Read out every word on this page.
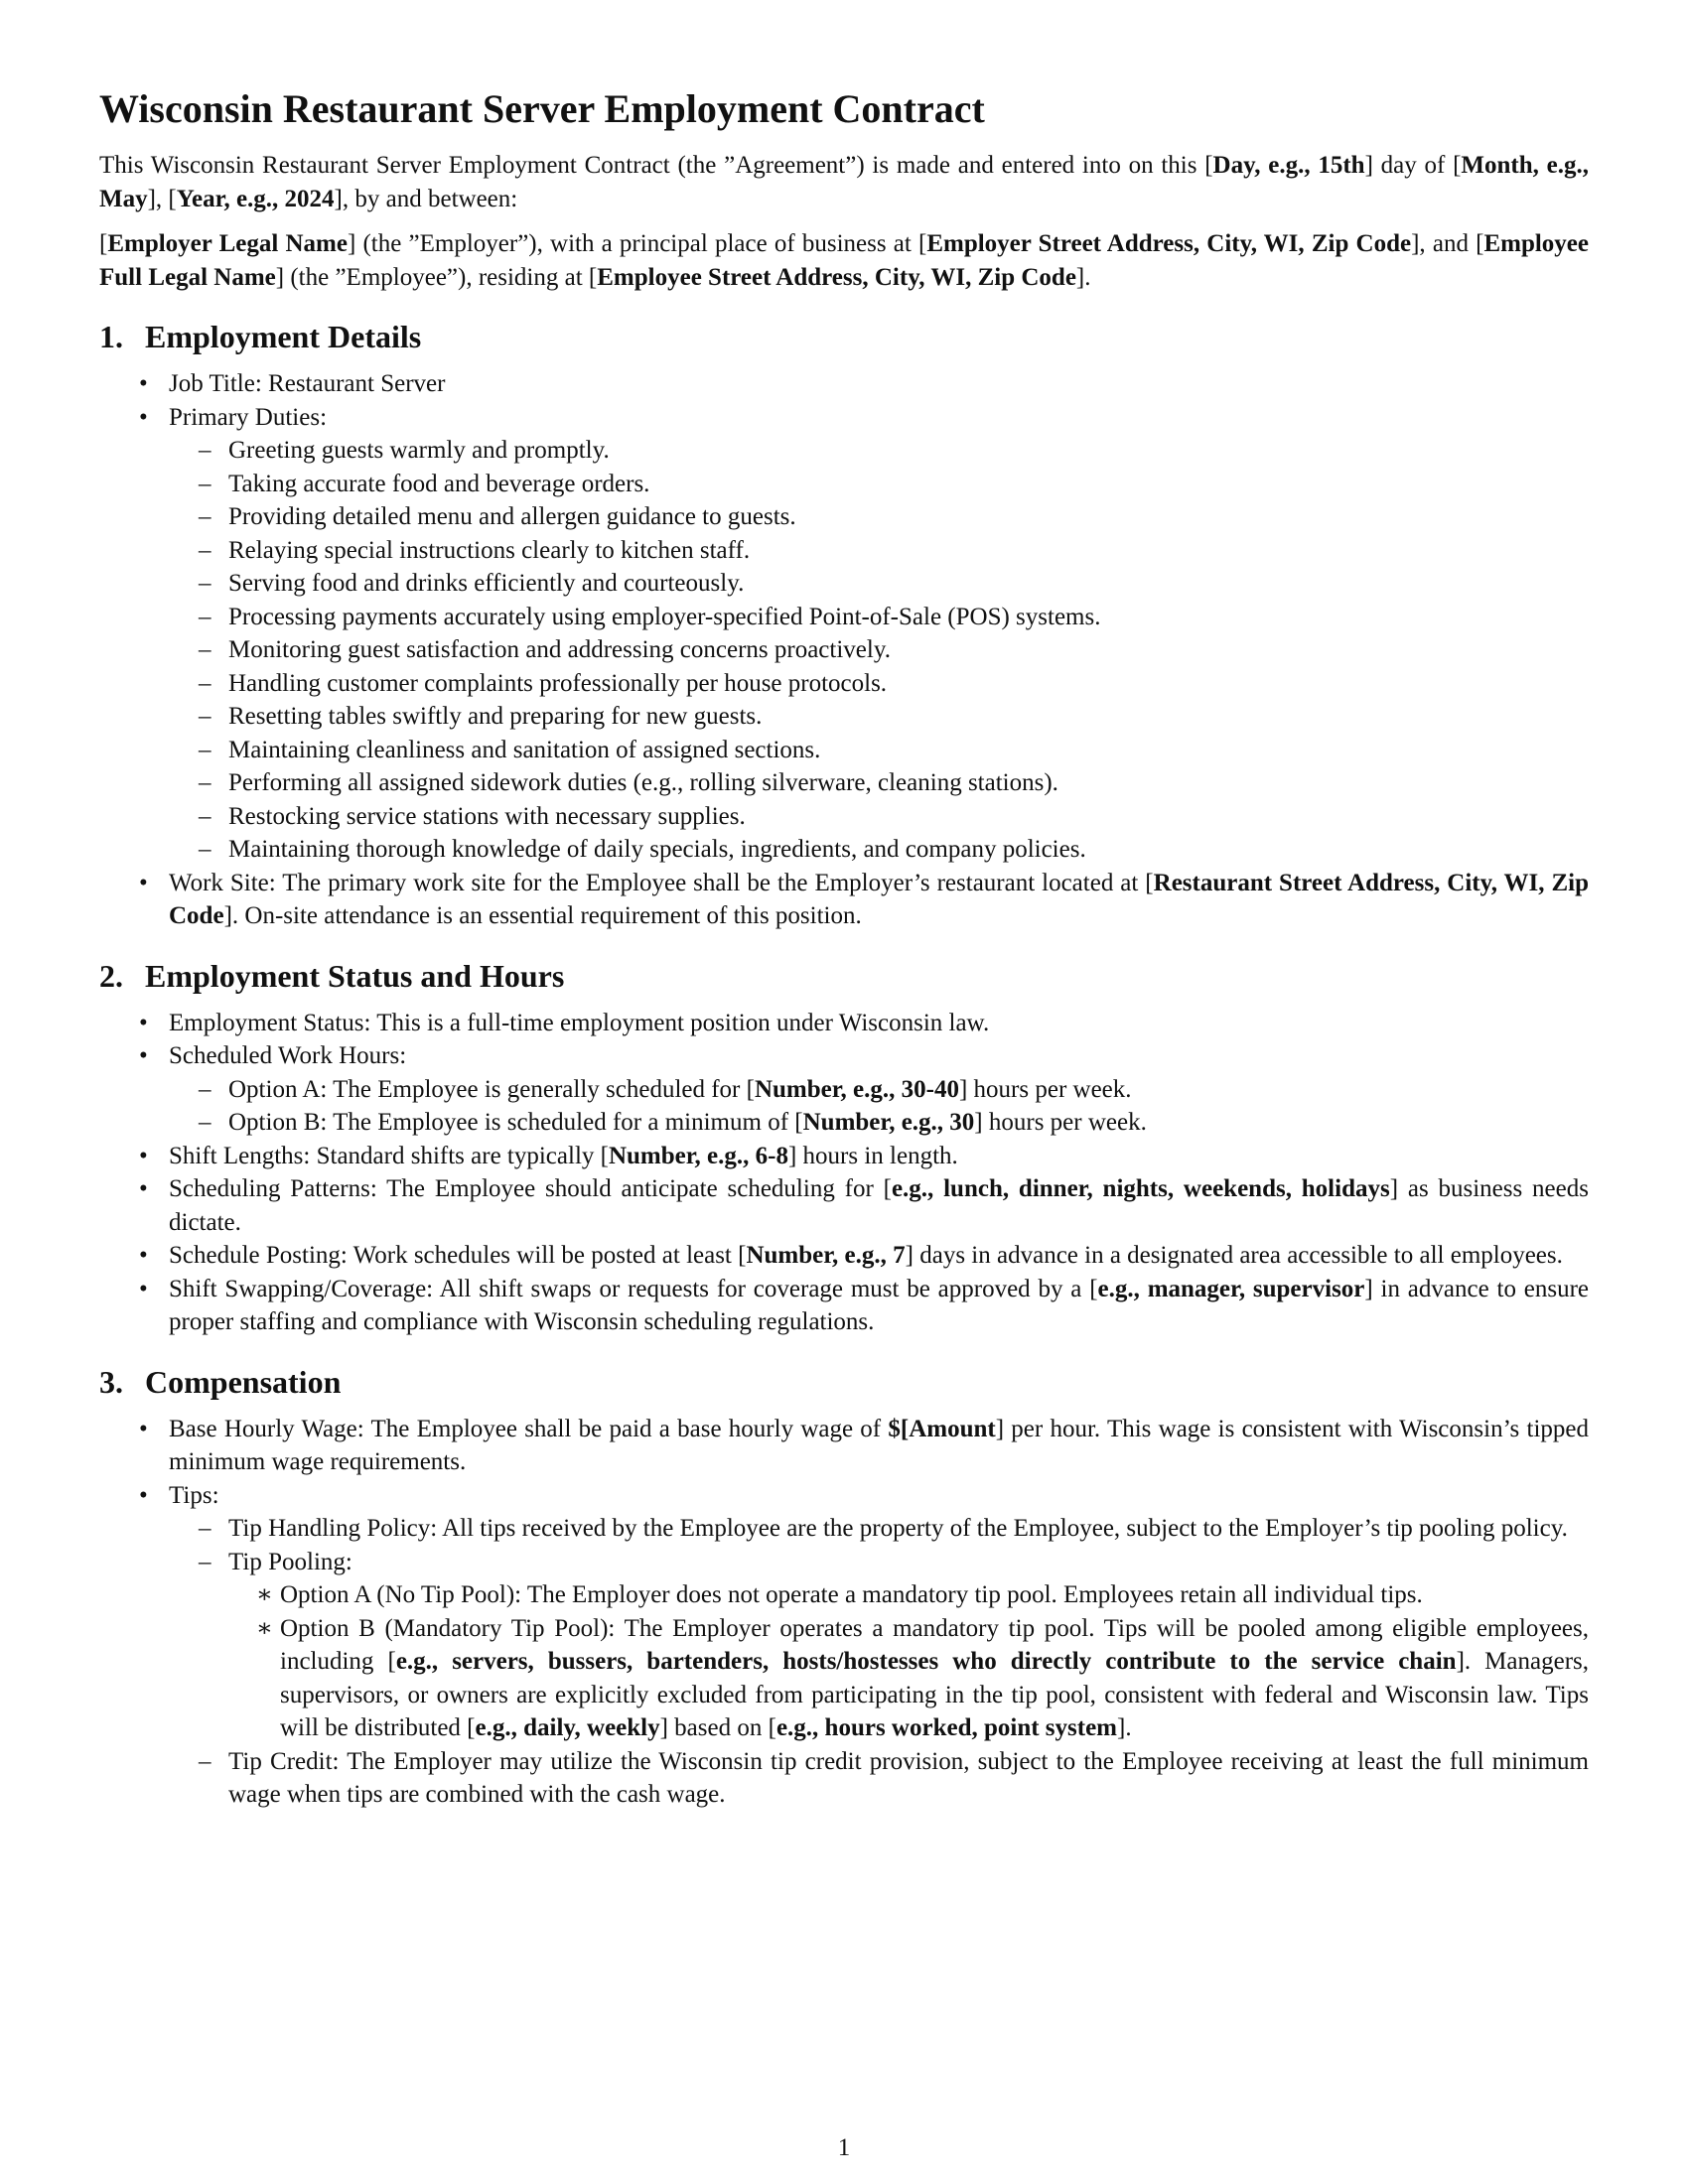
Wisconsin Restaurant Server Employment Contract

This Wisconsin Restaurant Server Employment Contract (the ”Agreement”) is made and entered into on this [Day, e.g., 15th] day of [Month, e.g., May], [Year, e.g., 2024], by and between:

[Employer Legal Name] (the ”Employer”), with a principal place of business at [Employer Street Address, City, WI, Zip Code], and [Employee Full Legal Name] (the ”Employee”), residing at [Employee Street Address, City, WI, Zip Code].

1. Employment Details
• Job Title: Restaurant Server
• Primary Duties:
– Greeting guests warmly and promptly.
– Taking accurate food and beverage orders.
– Providing detailed menu and allergen guidance to guests.
– Relaying special instructions clearly to kitchen staff.
– Serving food and drinks efficiently and courteously.
– Processing payments accurately using employer-specified Point-of-Sale (POS) systems.
– Monitoring guest satisfaction and addressing concerns proactively.
– Handling customer complaints professionally per house protocols.
– Resetting tables swiftly and preparing for new guests.
– Maintaining cleanliness and sanitation of assigned sections.
– Performing all assigned sidework duties (e.g., rolling silverware, cleaning stations).
– Restocking service stations with necessary supplies.
– Maintaining thorough knowledge of daily specials, ingredients, and company policies.
• Work Site: The primary work site for the Employee shall be the Employer’s restaurant located at [Restaurant Street Address, City, WI, Zip Code]. On-site attendance is an essential requirement of this position.
2. Employment Status and Hours
• Employment Status: This is a full-time employment position under Wisconsin law.
• Scheduled Work Hours:
– Option A: The Employee is generally scheduled for [Number, e.g., 30-40] hours per week.
– Option B: The Employee is scheduled for a minimum of [Number, e.g., 30] hours per week.
• Shift Lengths: Standard shifts are typically [Number, e.g., 6-8] hours in length.
• Scheduling Patterns: The Employee should anticipate scheduling for [e.g., lunch, dinner, nights, weekends, holidays] as business needs dictate.
• Schedule Posting: Work schedules will be posted at least [Number, e.g., 7] days in advance in a designated area accessible to all employees.
• Shift Swapping/Coverage: All shift swaps or requests for coverage must be approved by a [e.g., manager, supervisor] in advance to ensure proper staffing and compliance with Wisconsin scheduling regulations.
3. Compensation
• Base Hourly Wage: The Employee shall be paid a base hourly wage of $[Amount] per hour. This wage is consistent with Wisconsin’s tipped minimum wage requirements.
• Tips:
– Tip Handling Policy: All tips received by the Employee are the property of the Employee, subject to the Employer’s tip pooling policy.
– Tip Pooling:
∗ Option A (No Tip Pool): The Employer does not operate a mandatory tip pool. Employees retain all individual tips.
∗ Option B (Mandatory Tip Pool): The Employer operates a mandatory tip pool. Tips will be pooled among eligible employees, including [e.g., servers, bussers, bartenders, hosts/hostesses who directly contribute to the service chain]. Managers, supervisors, or owners are explicitly excluded from participating in the tip pool, consistent with federal and Wisconsin law. Tips will be distributed [e.g., daily, weekly] based on [e.g., hours worked, point system].
– Tip Credit: The Employer may utilize the Wisconsin tip credit provision, subject to the Employee receiving at least the full minimum wage when tips are combined with the cash wage.
1
